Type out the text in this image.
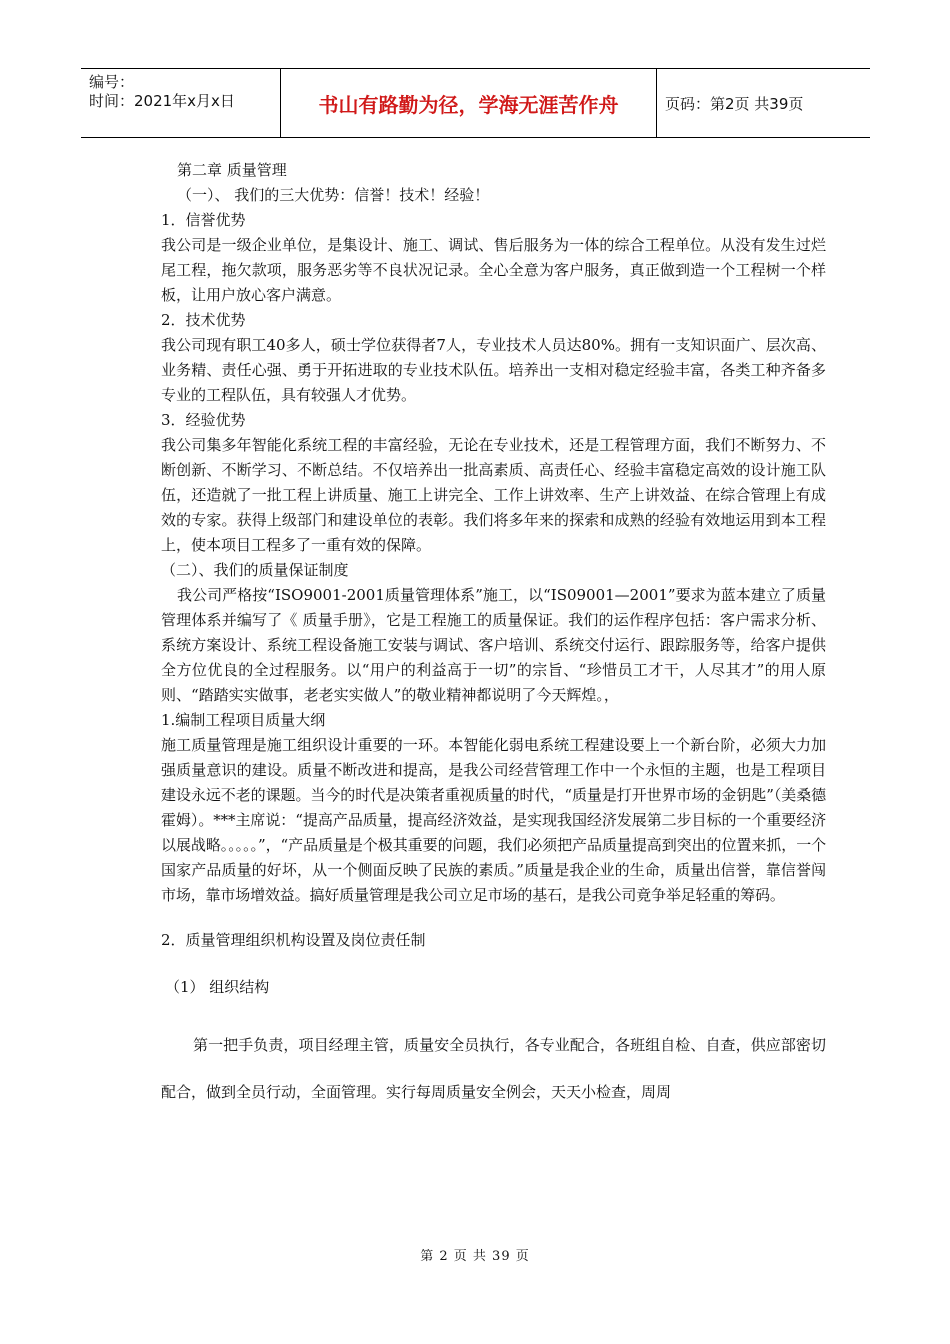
编号：
时间：2021年x月x日	书山有路勤为径，学海无涯苦作舟	页码：第2页 共39页

第二章 质量管理

（一）、 我们的三大优势：信誉！技术！经验！

1．信誉优势

我公司是一级企业单位，是集设计、施工、调试、售后服务为一体的综合工程单位。从没有发生过烂尾工程，拖欠款项，服务恶劣等不良状况记录。全心全意为客户服务，真正做到造一个工程树一个样板，让用户放心客户满意。

2．技术优势

我公司现有职工40多人，硕士学位获得者7人，专业技术人员达80%。拥有一支知识面广、层次高、业务精、责任心强、勇于开拓进取的专业技术队伍。培养出一支相对稳定经验丰富，各类工种齐备多专业的工程队伍，具有较强人才优势。

3．经验优势

我公司集多年智能化系统工程的丰富经验，无论在专业技术，还是工程管理方面，我们不断努力、不断创新、不断学习、不断总结。不仅培养出一批高素质、高责任心、经验丰富稳定高效的设计施工队伍，还造就了一批工程上讲质量、施工上讲完全、工作上讲效率、生产上讲效益、在综合管理上有成效的专家。获得上级部门和建设单位的表彰。我们将多年来的探索和成熟的经验有效地运用到本工程上，使本项目工程多了一重有效的保障。

（二）、我们的质量保证制度

我公司严格按“ISO9001-2001质量管理体系”施工，以“IS09001—2001”要求为蓝本建立了质量管理体系并编写了《 质量手册》，它是工程施工的质量保证。我们的运作程序包括：客户需求分析、系统方案设计、系统工程设备施工安装与调试、客户培训、系统交付运行、跟踪服务等，给客户提供全方位优良的全过程服务。以“用户的利益高于一切”的宗旨、“珍惜员工才干，人尽其才”的用人原则、“踏踏实实做事，老老实实做人”的敬业精神都说明了今天辉煌。，

1.编制工程项目质量大纲

施工质量管理是施工组织设计重要的一环。本智能化弱电系统工程建设要上一个新台阶，必须大力加强质量意识的建设。质量不断改进和提高，是我公司经营管理工作中一个永恒的主题，也是工程项目建设永远不老的课题。当今的时代是决策者重视质量的时代，“质量是打开世界市场的金钥匙”（美桑德霍姆）。***主席说：“提高产品质量，提高经济效益，是实现我国经济发展第二步目标的一个重要经济以展战略。。。。。”，“产品质量是个极其重要的问题，我们必须把产品质量提高到突出的位置来抓，一个国家产品质量的好坏，从一个侧面反映了民族的素质。”质量是我企业的生命，质量出信誉，靠信誉闯市场，靠市场增效益。搞好质量管理是我公司立足市场的基石，是我公司竟争举足轻重的筹码。

2．质量管理组织机构设置及岗位责任制

（1） 组织结构

第一把手负责，项目经理主管，质量安全员执行，各专业配合，各班组自检、自查，供应部密切配合，做到全员行动，全面管理。实行每周质量安全例会，天天小检查，周周

第 2 页 共 39 页
